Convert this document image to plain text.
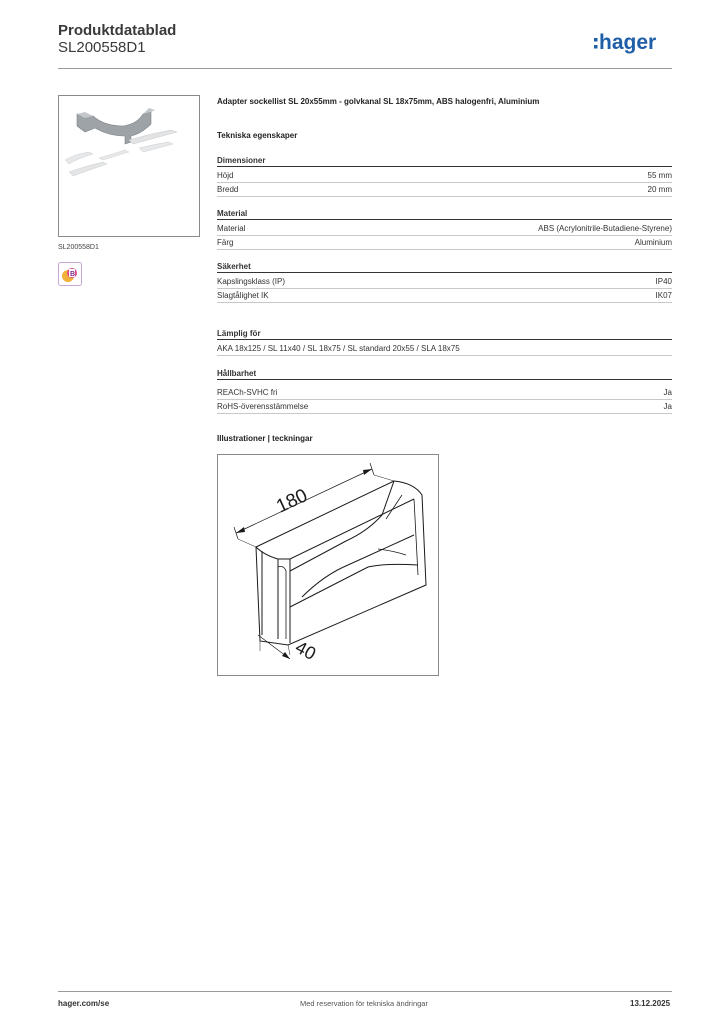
Produktdatablad
SL200558D1	hager
SL200558D1
B
Adapter sockellist SL 20x55mm - golvkanal SL 18x75mm, ABS halogenfri, Aluminium
Tekniska egenskaper
Dimensioner
Höjd	55 mm
Bredd	20 mm
Material
Material	ABS (Acrylonitrile-Butadiene-Styrene)
Färg	Aluminium
Säkerhet
Kapslingsklass (IP)	IP40
Slagtålighet IK	IK07
Lämplig för
AKA 18x125 / SL 11x40 / SL 18x75 / SL standard 20x55 / SLA 18x75
Hållbarhet
REACh-SVHC fri	Ja
RoHS-överensstämmelse	Ja
Illustrationer | teckningar
180
40
hager.com/se	Med reservation för tekniska ändringar	13.12.2025
